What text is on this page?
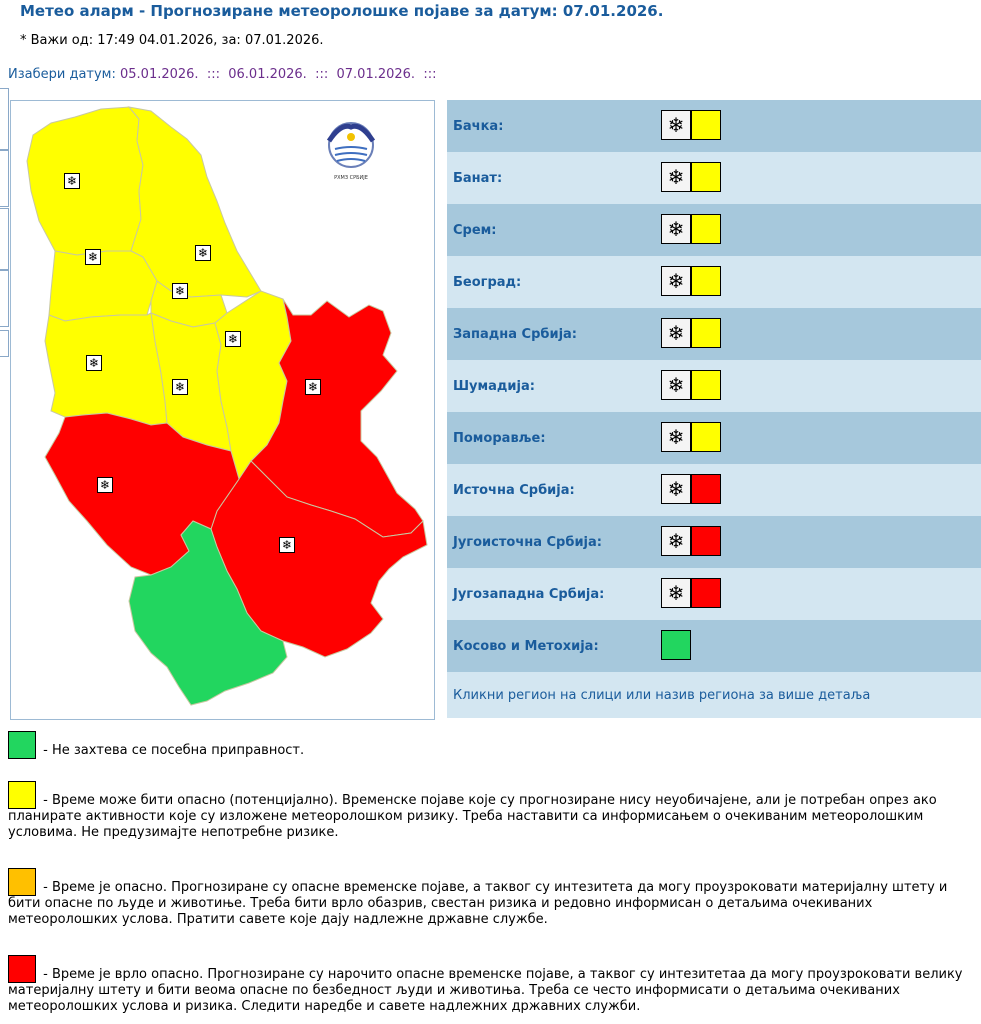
Метео аларм - Прогнозиране метеоролошке појаве за датум: 07.01.2026.
* Важи од: 17:49 04.01.2026, за: 07.01.2026.
Изабери датум: 05.01.2026. ::: 06.01.2026. ::: 07.01.2026. :::
РХМЗ СРБИЈЕ
❄
❄	❄
❄
❄
❄
❄	❄
❄
❄
Бачка:	❄
Банат:	❄
Срем:	❄
Београд:	❄
Западна Србија:	❄
Шумадија:	❄
Поморавље:	❄
Источна Србија:	❄
Југоисточна Србија:	❄
Југозападна Србија:	❄
Косово и Метохија:
Кликни регион на слици или назив региона за више детаља
- Не захтева се посебна приправност.
- Време може бити опасно (потенцијално). Временске појаве које су прогнозиране нису неуобичајене, али је потребан опрез ако планирате активности које су изложене метеоролошком ризику. Треба наставити са информисањем о очекиваним метеоролошким условима. Не предузимајте непотребне ризике.
- Време је опасно. Прогнозиране су опасне временске појаве, а таквог су интезитета да могу проузроковати материјалну штету и бити опасне по људе и животиње. Треба бити врло обазрив, свестан ризика и редовно информисан о детаљима очекиваних метеоролошких услова. Пратити савете које дају надлежне државне службе.
- Време је врло опасно. Прогнозиране су нарочито опасне временске појаве, а таквог су интезитетаа да могу проузроковати велику материјалну штету и бити веома опасне по безбедност људи и животиња. Треба се често информисати о детаљима очекиваних метеоролошких услова и ризика. Следити наредбе и савете надлежних државних служби.
